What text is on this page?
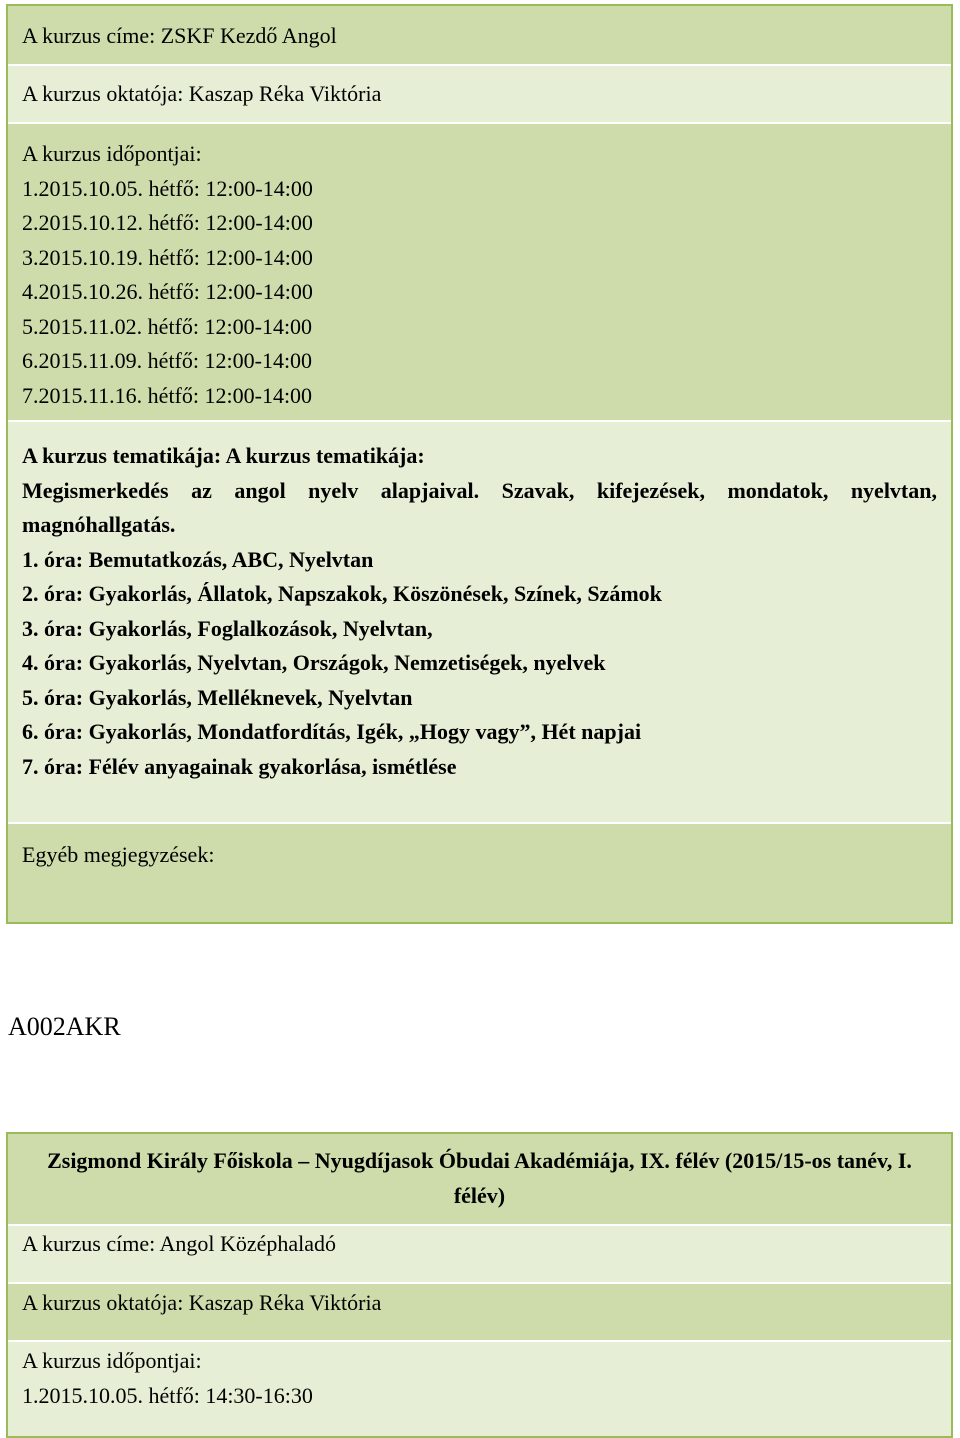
A kurzus címe: ZSKF Kezdő Angol
A kurzus oktatója: Kaszap Réka Viktória
A kurzus időpontjai:
1.2015.10.05. hétfő: 12:00-14:00
2.2015.10.12. hétfő: 12:00-14:00
3.2015.10.19. hétfő: 12:00-14:00
4.2015.10.26. hétfő: 12:00-14:00
5.2015.11.02. hétfő: 12:00-14:00
6.2015.11.09. hétfő: 12:00-14:00
7.2015.11.16. hétfő: 12:00-14:00
A kurzus tematikája: A kurzus tematikája:
Megismerkedés az angol nyelv alapjaival. Szavak, kifejezések, mondatok, nyelvtan, magnóhallgatás.
1. óra: Bemutatkozás, ABC, Nyelvtan
2. óra: Gyakorlás, Állatok, Napszakok, Köszönések, Színek, Számok
3. óra: Gyakorlás, Foglalkozások, Nyelvtan,
4. óra: Gyakorlás, Nyelvtan, Országok, Nemzetiségek, nyelvek
5. óra: Gyakorlás, Melléknevek, Nyelvtan
6. óra: Gyakorlás, Mondatfordítás, Igék, „Hogy vagy”, Hét napjai
7. óra: Félév anyagainak gyakorlása, ismétlése
Egyéb megjegyzések:
A002AKR
Zsigmond Király Főiskola – Nyugdíjasok Óbudai Akadémiája, IX. félév (2015/15-os tanév, I. félév)
A kurzus címe: Angol Középhaladó
A kurzus oktatója: Kaszap Réka Viktória
A kurzus időpontjai:
1.2015.10.05. hétfő: 14:30-16:30
